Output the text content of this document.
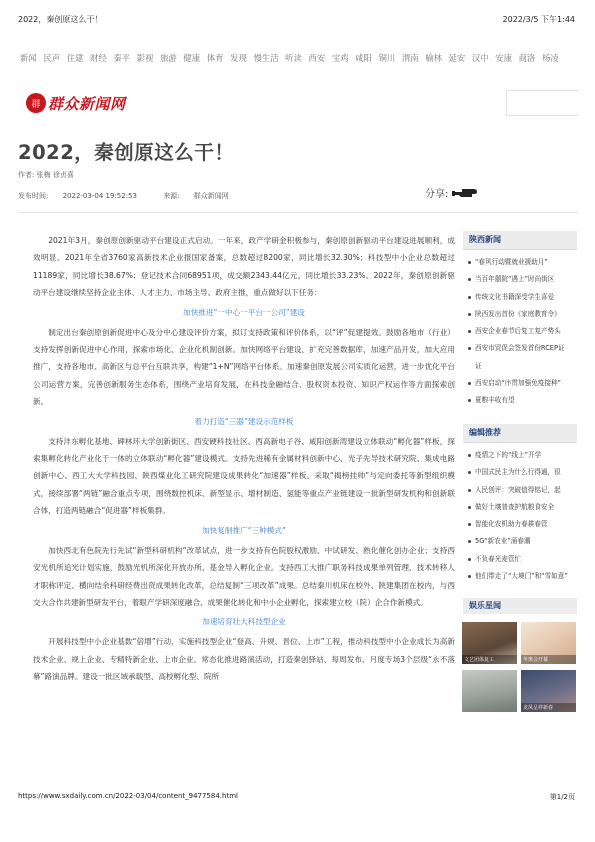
2022，秦创原这么干！	2022/3/5 下午1:44
新闻 民声 住建 财经 秦平 影视 旅游 健康 体育 发现 慢生活 听读 西安 宝鸡 咸阳 铜川 渭南 榆林 延安 汉中 安康 商洛 杨凌
群 群众新闻网
2022，秦创原这么干！
作者: 张梅 徐贞喜
发布时间: 2022-03-04 19:52:53	来源: 群众新闻网	分享:

2021年3月，秦创原创新驱动平台建设正式启动。一年来，政产学研金积极参与，秦创原创新驱动平台建设进展顺利，成效明显。2021年全省3760家高新技术企业报国家备案，总数超过8200家，同比增长32.30%；科技型中小企业总数超过11189家，同比增长38.67%；登记技术合同68951项，成交额2343.44亿元，同比增长33.23%。2022年，秦创原创新驱动平台建设继续坚持企业主体、人才主力、市场主导、政府主推，重点做好以下任务：

加快推进“一中心一平台一公司”建设

制定出台秦创原创新促进中心及分中心建设评价方案，拟订支持政策和评价体系，以“评”促建提效。鼓励各地市（行业）支持发挥创新促进中心作用，探索市场化、企业化机制创新。加快网络平台建设，扩充完善数据库，加速产品开发，加大应用推广，支持各地市、高新区与总平台互联共享，构建“1+N”网络平台体系。加速秦创原发展公司实质化运营，进一步优化平台公司运营方案，完善创新服务生态体系，围绕产业培育发展，在科技金融结合、股权资本投资、知识产权运作等方面探索创新。

着力打造“三器”建设示范样板

支持沣东孵化基地、碑林环大学创新街区、西安硬科技社区、西高新电子谷、咸阳创新湾建设立体联动“孵化器”样板，探索集孵化转化产业化于一体的立体联动“孵化器”建设模式。支持先进稀有金属材料创新中心、光子先导技术研究院、集成电路创新中心、西工大大学科技园、陕西煤业化工研究院建设成果转化“加速器”样板。采取“揭榜挂帅”与定向委托等新型组织模式，接续部署“两链”融合重点专项，围绕数控机床、新型显示、增材制造、氢能等重点产业链建设一批新型研发机构和创新联合体，打造两链融合“促进器”样板集群。

加快复制推广“三种模式”

加快西北有色院先行先试“新型科研机构”改革试点，进一步支持有色院股权激励、中试研发、熟化催化创办企业；支持西安光机所追光计划实施，鼓励光机所深化开放办所、基金导入孵化企业。支持西工大推广职务科技成果单列管理、技术转移人才职称评定、横向结余科研经费出资成果转化改革，总结复制“三项改革”成果。总结秦川机床在校外、陕建集团在校内，与西交大合作共建新型研发平台，着眼产学研深度融合、成果催化转化和中小企业孵化，探索建立校（院）企合作新模式。

加速培育壮大科技型企业

开展科技型中小企业基数“倍增”行动，实施科技型企业“登高、升规、晋位、上市”工程，推动科技型中小企业成长为高新技术企业、规上企业、专精特新企业、上市企业。常态化推进路演活动，打造秦创驿站、每周发布、月度专场3个层级“永不落幕”路演品牌。建设一批区域承载型、高校孵化型、院所

陕西新闻
“春风行动暨就业援助月”
当百年囍院“遇上”时尚街区
传统文化书籍深受学生喜爱
陕西发出首份《家庭教育令》
西安企业春节后复工复产势头
西安市贸促会签发首份RCEP证
证
西安启动“序贯加强免疫接种”
夏粮丰收有望
编辑推荐
疫情之下的“线上”开学
中国式民主为什么行得通，很
人民创评：突破值得铭记，起
做好土壤普查护航粮食安全
智能化农机助力春耕春管
5G“新农业”涌春潮
不负春光麦管忙
他们带走了“大境门”和“雪如意”
娱乐星闻
文艺团体复工	冬奥会开幕
龙凤呈祥新春
https://www.sxdaily.com.cn/2022-03/04/content_9477584.html	第1/2页
